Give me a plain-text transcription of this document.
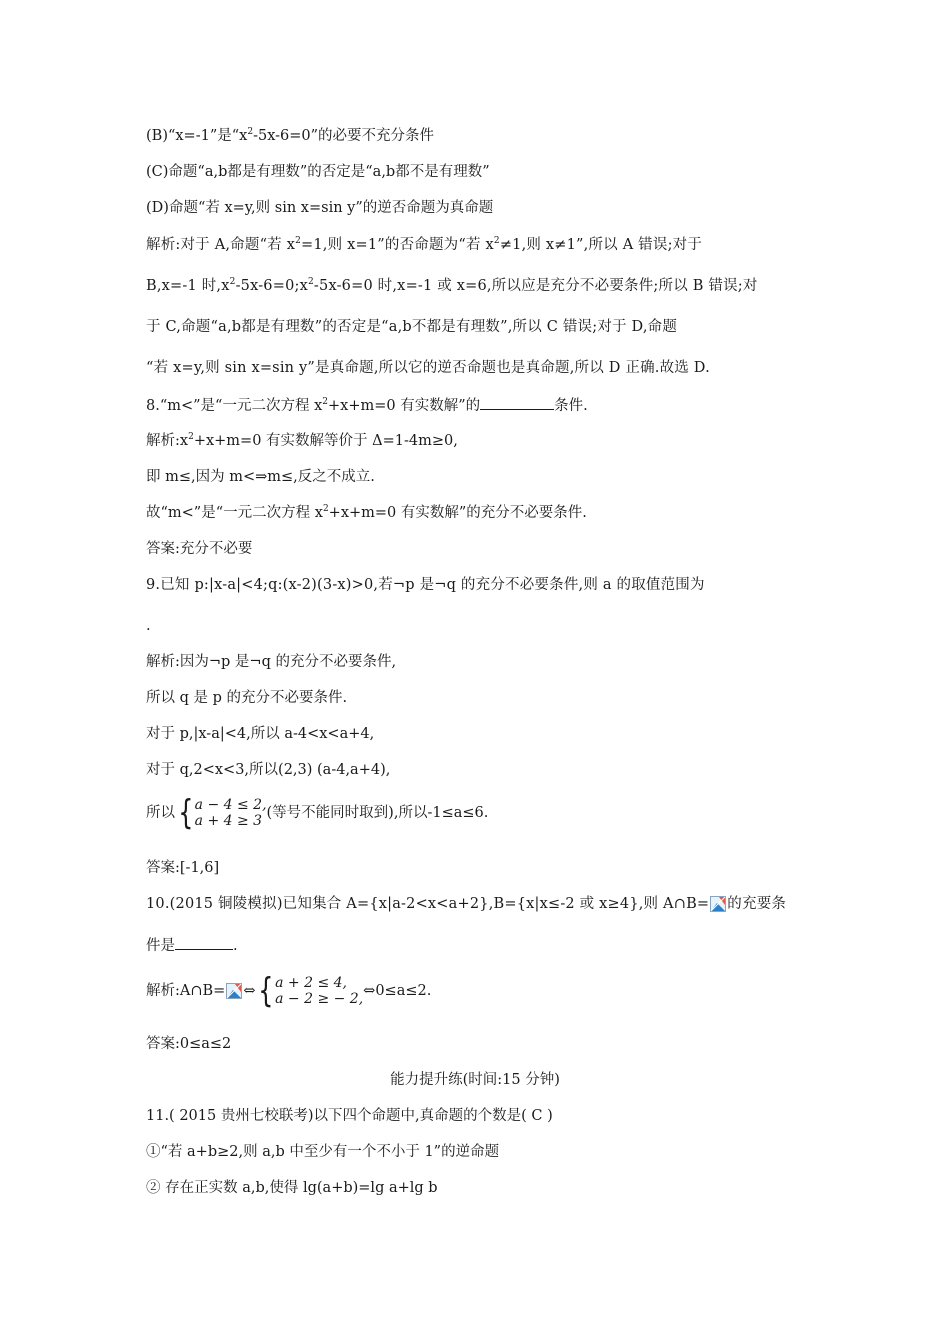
(B)“x=-1”是“$x^2-5x-6=0$”的必要不充分条件
(C)命题“a,b都是有理数”的否定是“a,b都不是有理数”
(D)命题“若 x=y,则 sin x=sin y”的逆否命题为真命题
解析:对于 A,命题“若 $x^2=1$,则 x=1”的否命题为“若 $x^2\ne 1$,则 x≠1”,所以 A 错误;对于
B,x=-1 时$,x^2-5x-6=0;x^2-5x-6=0$ 时,x=-1 或 x=6,所以应是充分不必要条件;所以 B 错误;对
于 C,命题“a,b都是有理数”的否定是“a,b不都是有理数”,所以 C 错误;对于 D,命题
“若 x=y,则 sin x=sin y”是真命题,所以它的逆否命题也是真命题,所以 D 正确.故选 D.
8.“m<”是“一元二次方程 $x^2+x+m=0$ 有实数解”的	条件.
解析$:x^2+x+m=0$ 有实数解等价于 Δ=1-4m≥0,
即 m≤,因为 m<⇒m≤,反之不成立.
故“m<”是“一元二次方程 $x^2+x+m=0$ 有实数解”的充分不必要条件.
答案:充分不必要
9.已知 p:|x-a|<4;q:(x-2)(3-x)>0,若¬p 是¬q 的充分不必要条件,则 a 的取值范围为
.
解析:因为¬p 是¬q 的充分不必要条件,
所以 q 是 p 的充分不必要条件.
对于 p,|x-a|<4,所以 a-4<x<a+4,
对于 q,2<x<3,所以(2,3) (a-4,a+4),
所以{ a − 4 ≤ 2,
a + 4 ≥ 3 (等号不能同时取到),所以-1≤a≤6.
答案:[-1,6]
10.(2015 铜陵模拟)已知集合 A={x|a-2<x<a+2},B={x|x≤-2 或 x≥4},则 A∩B= 的充要条
件是	.
解析:A∩B= ⇔{ a + 2 ≤ 4,
a − 2 ≥ − 2, ⇔0≤a≤2.
答案:0≤a≤2
能力提升练(时间:15 分钟)
11.( 2015 贵州七校联考)以下四个命题中,真命题的个数是( C )
①“若 a+b≥2,则 a,b 中至少有一个不小于 1”的逆命题
② 存在正实数 a,b,使得 lg(a+b)=lg a+lg b
